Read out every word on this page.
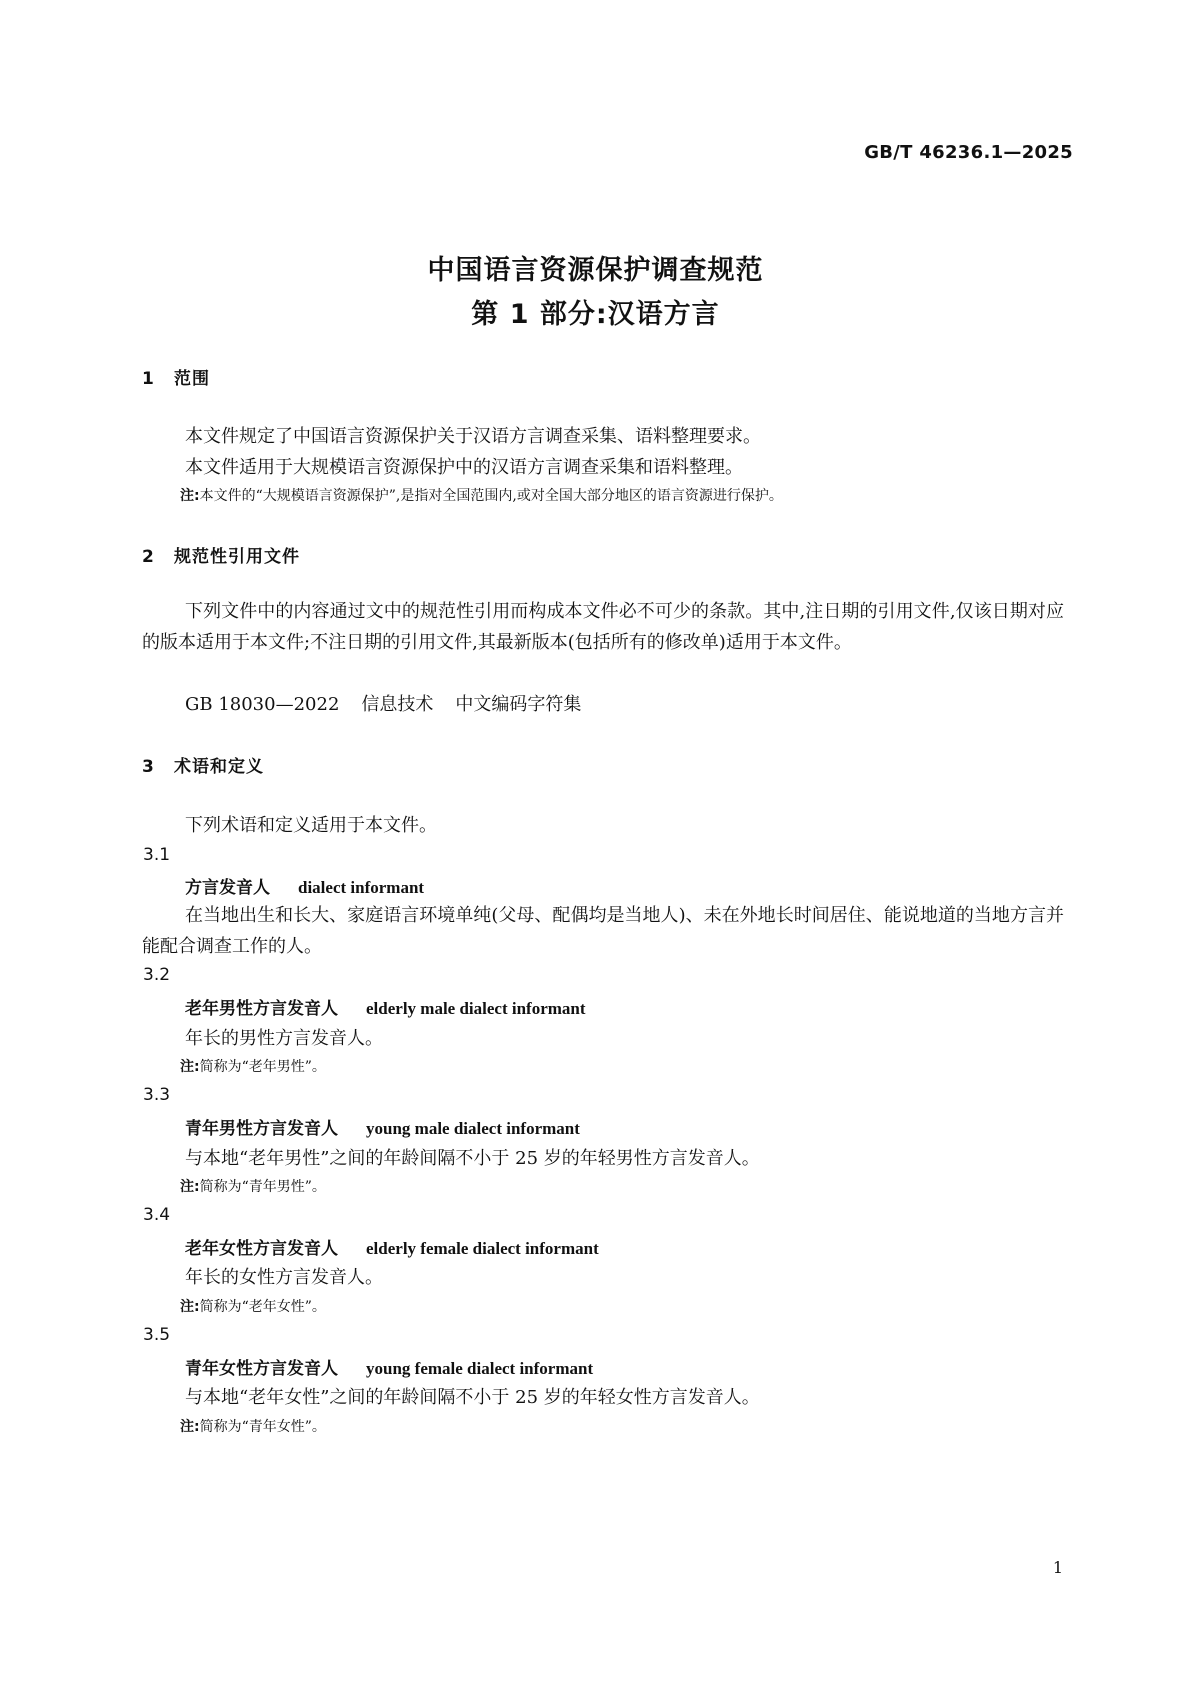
GB/T 46236.1—2025
中国语言资源保护调查规范
第 1 部分:汉语方言
1 范围
本文件规定了中国语言资源保护关于汉语方言调查采集、语料整理要求。
本文件适用于大规模语言资源保护中的汉语方言调查采集和语料整理。
注:本文件的“大规模语言资源保护”,是指对全国范围内,或对全国大部分地区的语言资源进行保护。
2 规范性引用文件
下列文件中的内容通过文中的规范性引用而构成本文件必不可少的条款。其中,注日期的引用文件,仅该日期对应的版本适用于本文件;不注日期的引用文件,其最新版本(包括所有的修改单)适用于本文件。
GB 18030—2022 信息技术 中文编码字符集
3 术语和定义
下列术语和定义适用于本文件。
3.1
方言发音人 dialect informant
在当地出生和长大、家庭语言环境单纯(父母、配偶均是当地人)、未在外地长时间居住、能说地道的当地方言并能配合调查工作的人。
3.2
老年男性方言发音人 elderly male dialect informant
年长的男性方言发音人。
注:简称为“老年男性”。
3.3
青年男性方言发音人 young male dialect informant
与本地“老年男性”之间的年龄间隔不小于 25 岁的年轻男性方言发音人。
注:简称为“青年男性”。
3.4
老年女性方言发音人 elderly female dialect informant
年长的女性方言发音人。
注:简称为“老年女性”。
3.5
青年女性方言发音人 young female dialect informant
与本地“老年女性”之间的年龄间隔不小于 25 岁的年轻女性方言发音人。
注:简称为“青年女性”。
1
